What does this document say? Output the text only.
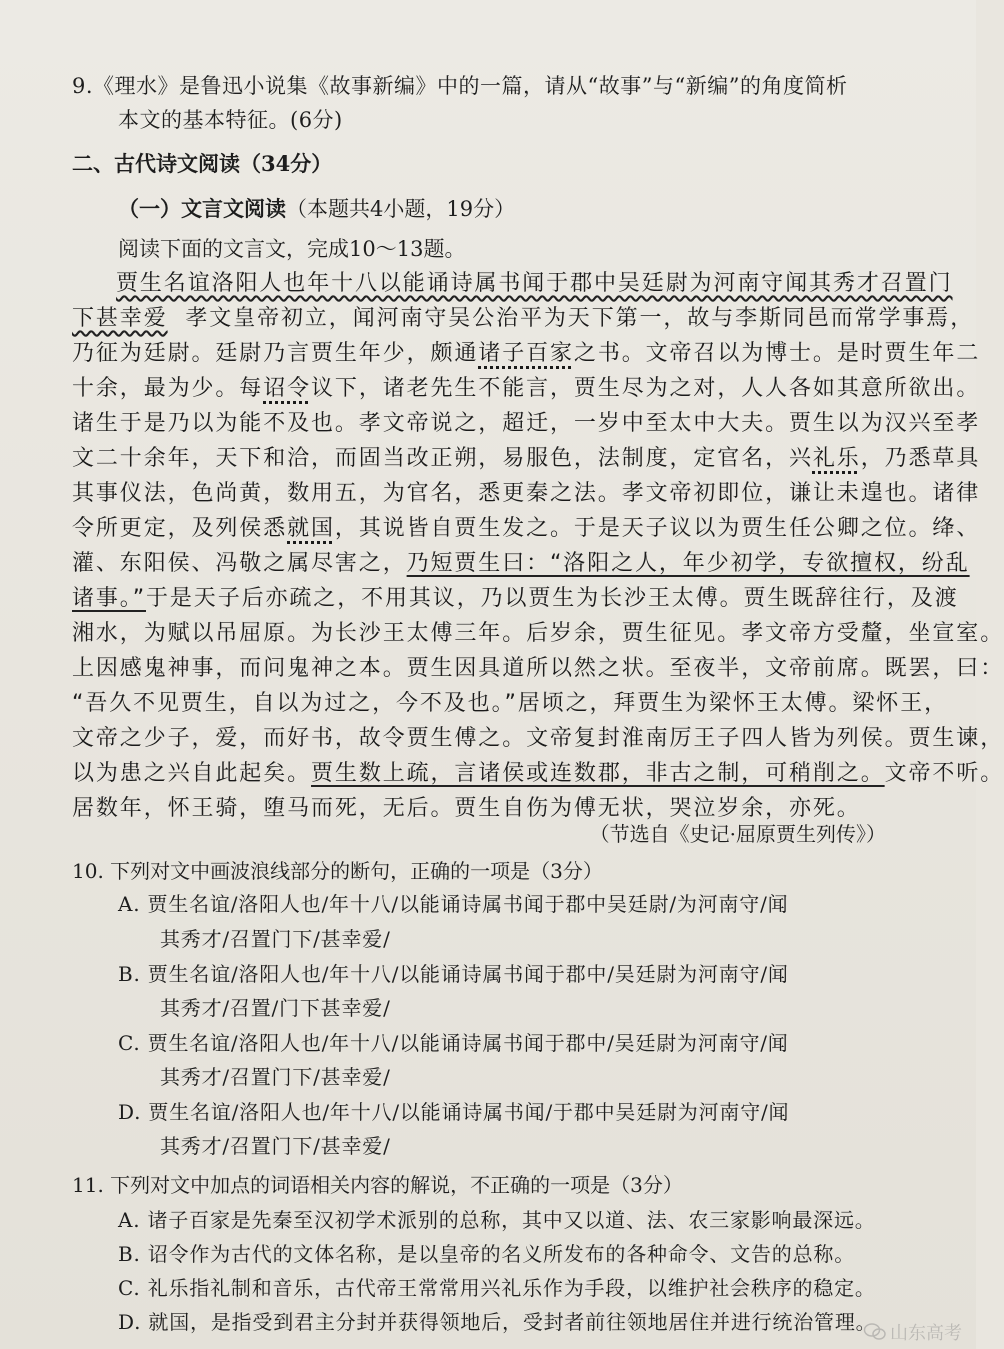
9.《理水》是鲁迅小说集《故事新编》中的一篇，请从“故事”与“新编”的角度简析
本文的基本特征。(6分)
二、古代诗文阅读（34分）
（一）文言文阅读（本题共4小题，19分）
阅读下面的文言文，完成10～13题。
贾生名谊洛阳人也年十八以能诵诗属书闻于郡中吴廷尉为河南守闻其秀才召置门
下甚幸爱 孝文皇帝初立，闻河南守吴公治平为天下第一，故与李斯同邑而常学事焉，
乃征为廷尉。廷尉乃言贾生年少，颇通诸子百家之书。文帝召以为博士。是时贾生年二
十余，最为少。每诏令议下，诸老先生不能言，贾生尽为之对，人人各如其意所欲出。
诸生于是乃以为能不及也。孝文帝说之，超迁，一岁中至太中大夫。贾生以为汉兴至孝
文二十余年，天下和洽，而固当改正朔，易服色，法制度，定官名，兴礼乐，乃悉草具
其事仪法，色尚黄，数用五，为官名，悉更秦之法。孝文帝初即位，谦让未遑也。诸律
令所更定，及列侯悉就国，其说皆自贾生发之。于是天子议以为贾生任公卿之位。绛、
灌、东阳侯、冯敬之属尽害之，乃短贾生曰：“洛阳之人，年少初学，专欲擅权，纷乱
诸事。”于是天子后亦疏之，不用其议，乃以贾生为长沙王太傅。贾生既辞往行，及渡
湘水，为赋以吊屈原。为长沙王太傅三年。后岁余，贾生征见。孝文帝方受釐，坐宣室。
上因感鬼神事，而问鬼神之本。贾生因具道所以然之状。至夜半，文帝前席。既罢，曰：
“吾久不见贾生，自以为过之，今不及也。”居顷之，拜贾生为梁怀王太傅。梁怀王，
文帝之少子，爱，而好书，故令贾生傅之。文帝复封淮南厉王子四人皆为列侯。贾生谏，
以为患之兴自此起矣。贾生数上疏，言诸侯或连数郡，非古之制，可稍削之。文帝不听。
居数年，怀王骑，堕马而死，无后。贾生自伤为傅无状，哭泣岁余，亦死。
（节选自《史记·屈原贾生列传》）
10. 下列对文中画波浪线部分的断句，正确的一项是（3分）
A. 贾生名谊/洛阳人也/年十八/以能诵诗属书闻于郡中吴廷尉/为河南守/闻
其秀才/召置门下/甚幸爱/
B. 贾生名谊/洛阳人也/年十八/以能诵诗属书闻于郡中/吴廷尉为河南守/闻
其秀才/召置/门下甚幸爱/
C. 贾生名谊/洛阳人也/年十八/以能诵诗属书闻于郡中/吴廷尉为河南守/闻
其秀才/召置门下/甚幸爱/
D. 贾生名谊/洛阳人也/年十八/以能诵诗属书闻/于郡中吴廷尉为河南守/闻
其秀才/召置门下/甚幸爱/
11. 下列对文中加点的词语相关内容的解说，不正确的一项是（3分）
A. 诸子百家是先秦至汉初学术派别的总称，其中又以道、法、农三家影响最深远。
B. 诏令作为古代的文体名称，是以皇帝的名义所发布的各种命令、文告的总称。
C. 礼乐指礼制和音乐，古代帝王常常用兴礼乐作为手段，以维护社会秩序的稳定。
D. 就国，是指受到君主分封并获得领地后，受封者前往领地居住并进行统治管理。 山东高考
